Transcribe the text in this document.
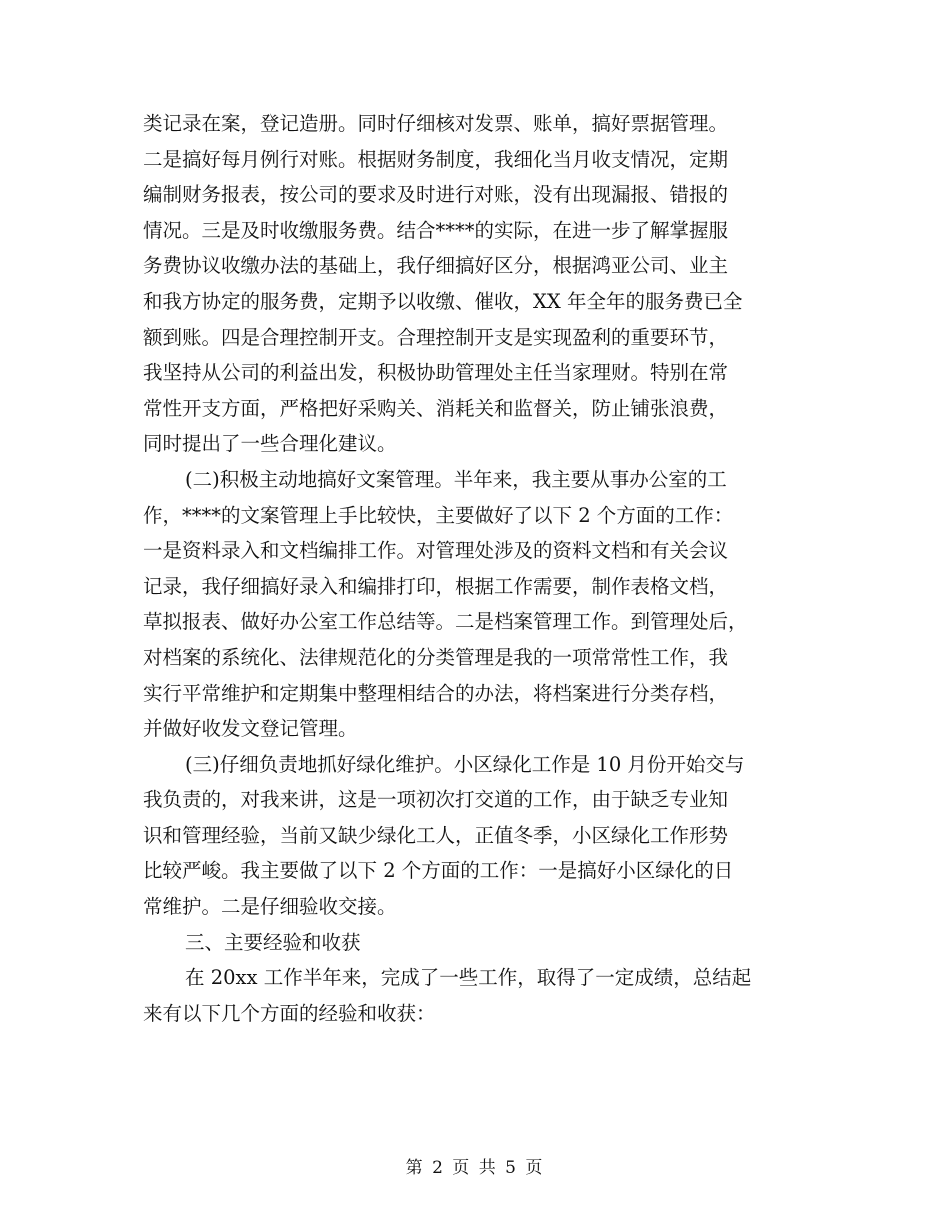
类记录在案，登记造册。同时仔细核对发票、账单，搞好票据管理。
二是搞好每月例行对账。根据财务制度，我细化当月收支情况，定期
编制财务报表，按公司的要求及时进行对账，没有出现漏报、错报的
情况。三是及时收缴服务费。结合****的实际，在进一步了解掌握服
务费协议收缴办法的基础上，我仔细搞好区分，根据鸿亚公司、业主
和我方协定的服务费，定期予以收缴、催收，XX 年全年的服务费已全
额到账。四是合理控制开支。合理控制开支是实现盈利的重要环节，
我坚持从公司的利益出发，积极协助管理处主任当家理财。特别在常
常性开支方面，严格把好采购关、消耗关和监督关，防止铺张浪费，
同时提出了一些合理化建议。
(二)积极主动地搞好文案管理。半年来，我主要从事办公室的工
作，****的文案管理上手比较快，主要做好了以下 2 个方面的工作：
一是资料录入和文档编排工作。对管理处涉及的资料文档和有关会议
记录，我仔细搞好录入和编排打印，根据工作需要，制作表格文档，
草拟报表、做好办公室工作总结等。二是档案管理工作。到管理处后，
对档案的系统化、法律规范化的分类管理是我的一项常常性工作，我
实行平常维护和定期集中整理相结合的办法，将档案进行分类存档，
并做好收发文登记管理。
(三)仔细负责地抓好绿化维护。小区绿化工作是 10 月份开始交与
我负责的，对我来讲，这是一项初次打交道的工作，由于缺乏专业知
识和管理经验，当前又缺少绿化工人，正值冬季，小区绿化工作形势
比较严峻。我主要做了以下 2 个方面的工作：一是搞好小区绿化的日
常维护。二是仔细验收交接。
三、主要经验和收获
在 20xx 工作半年来，完成了一些工作，取得了一定成绩，总结起
来有以下几个方面的经验和收获：

第 2 页 共 5 页
